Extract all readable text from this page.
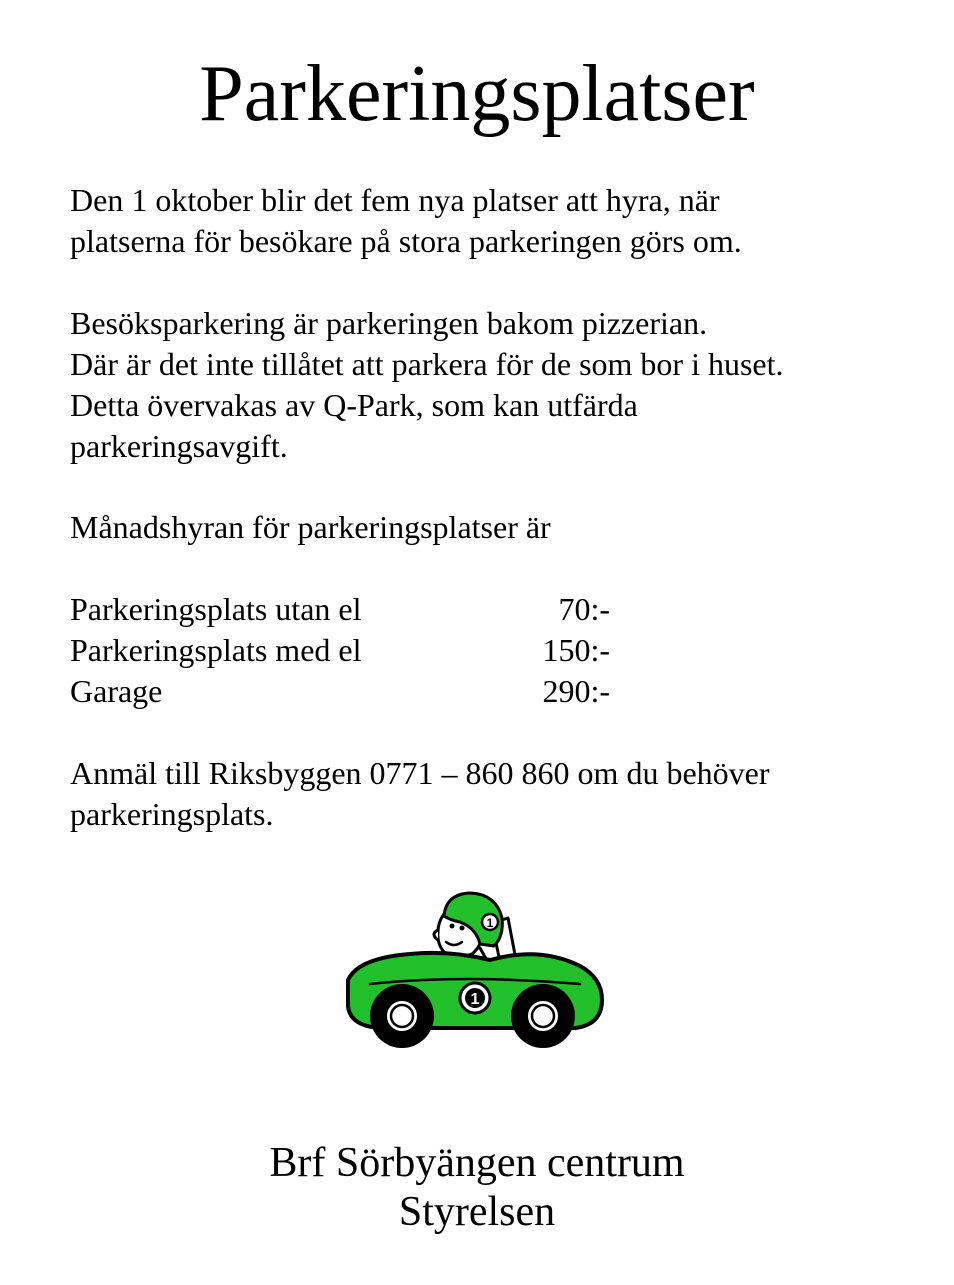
Parkeringsplatser
Den 1 oktober blir det fem nya platser att hyra, när
platserna för besökare på stora parkeringen görs om.
Besöksparkering är parkeringen bakom pizzerian.
Där är det inte tillåtet att parkera för de som bor i huset.
Detta övervakas av Q-Park, som kan utfärda
parkeringsavgift.
Månadshyran för parkeringsplatser är
Parkeringsplats utan el	70:-
Parkeringsplats med el	150:-
Garage	290:-
Anmäl till Riksbyggen 0771 – 860 860 om du behöver
parkeringsplats.
1
1
Brf Sörbyängen centrum
Styrelsen
